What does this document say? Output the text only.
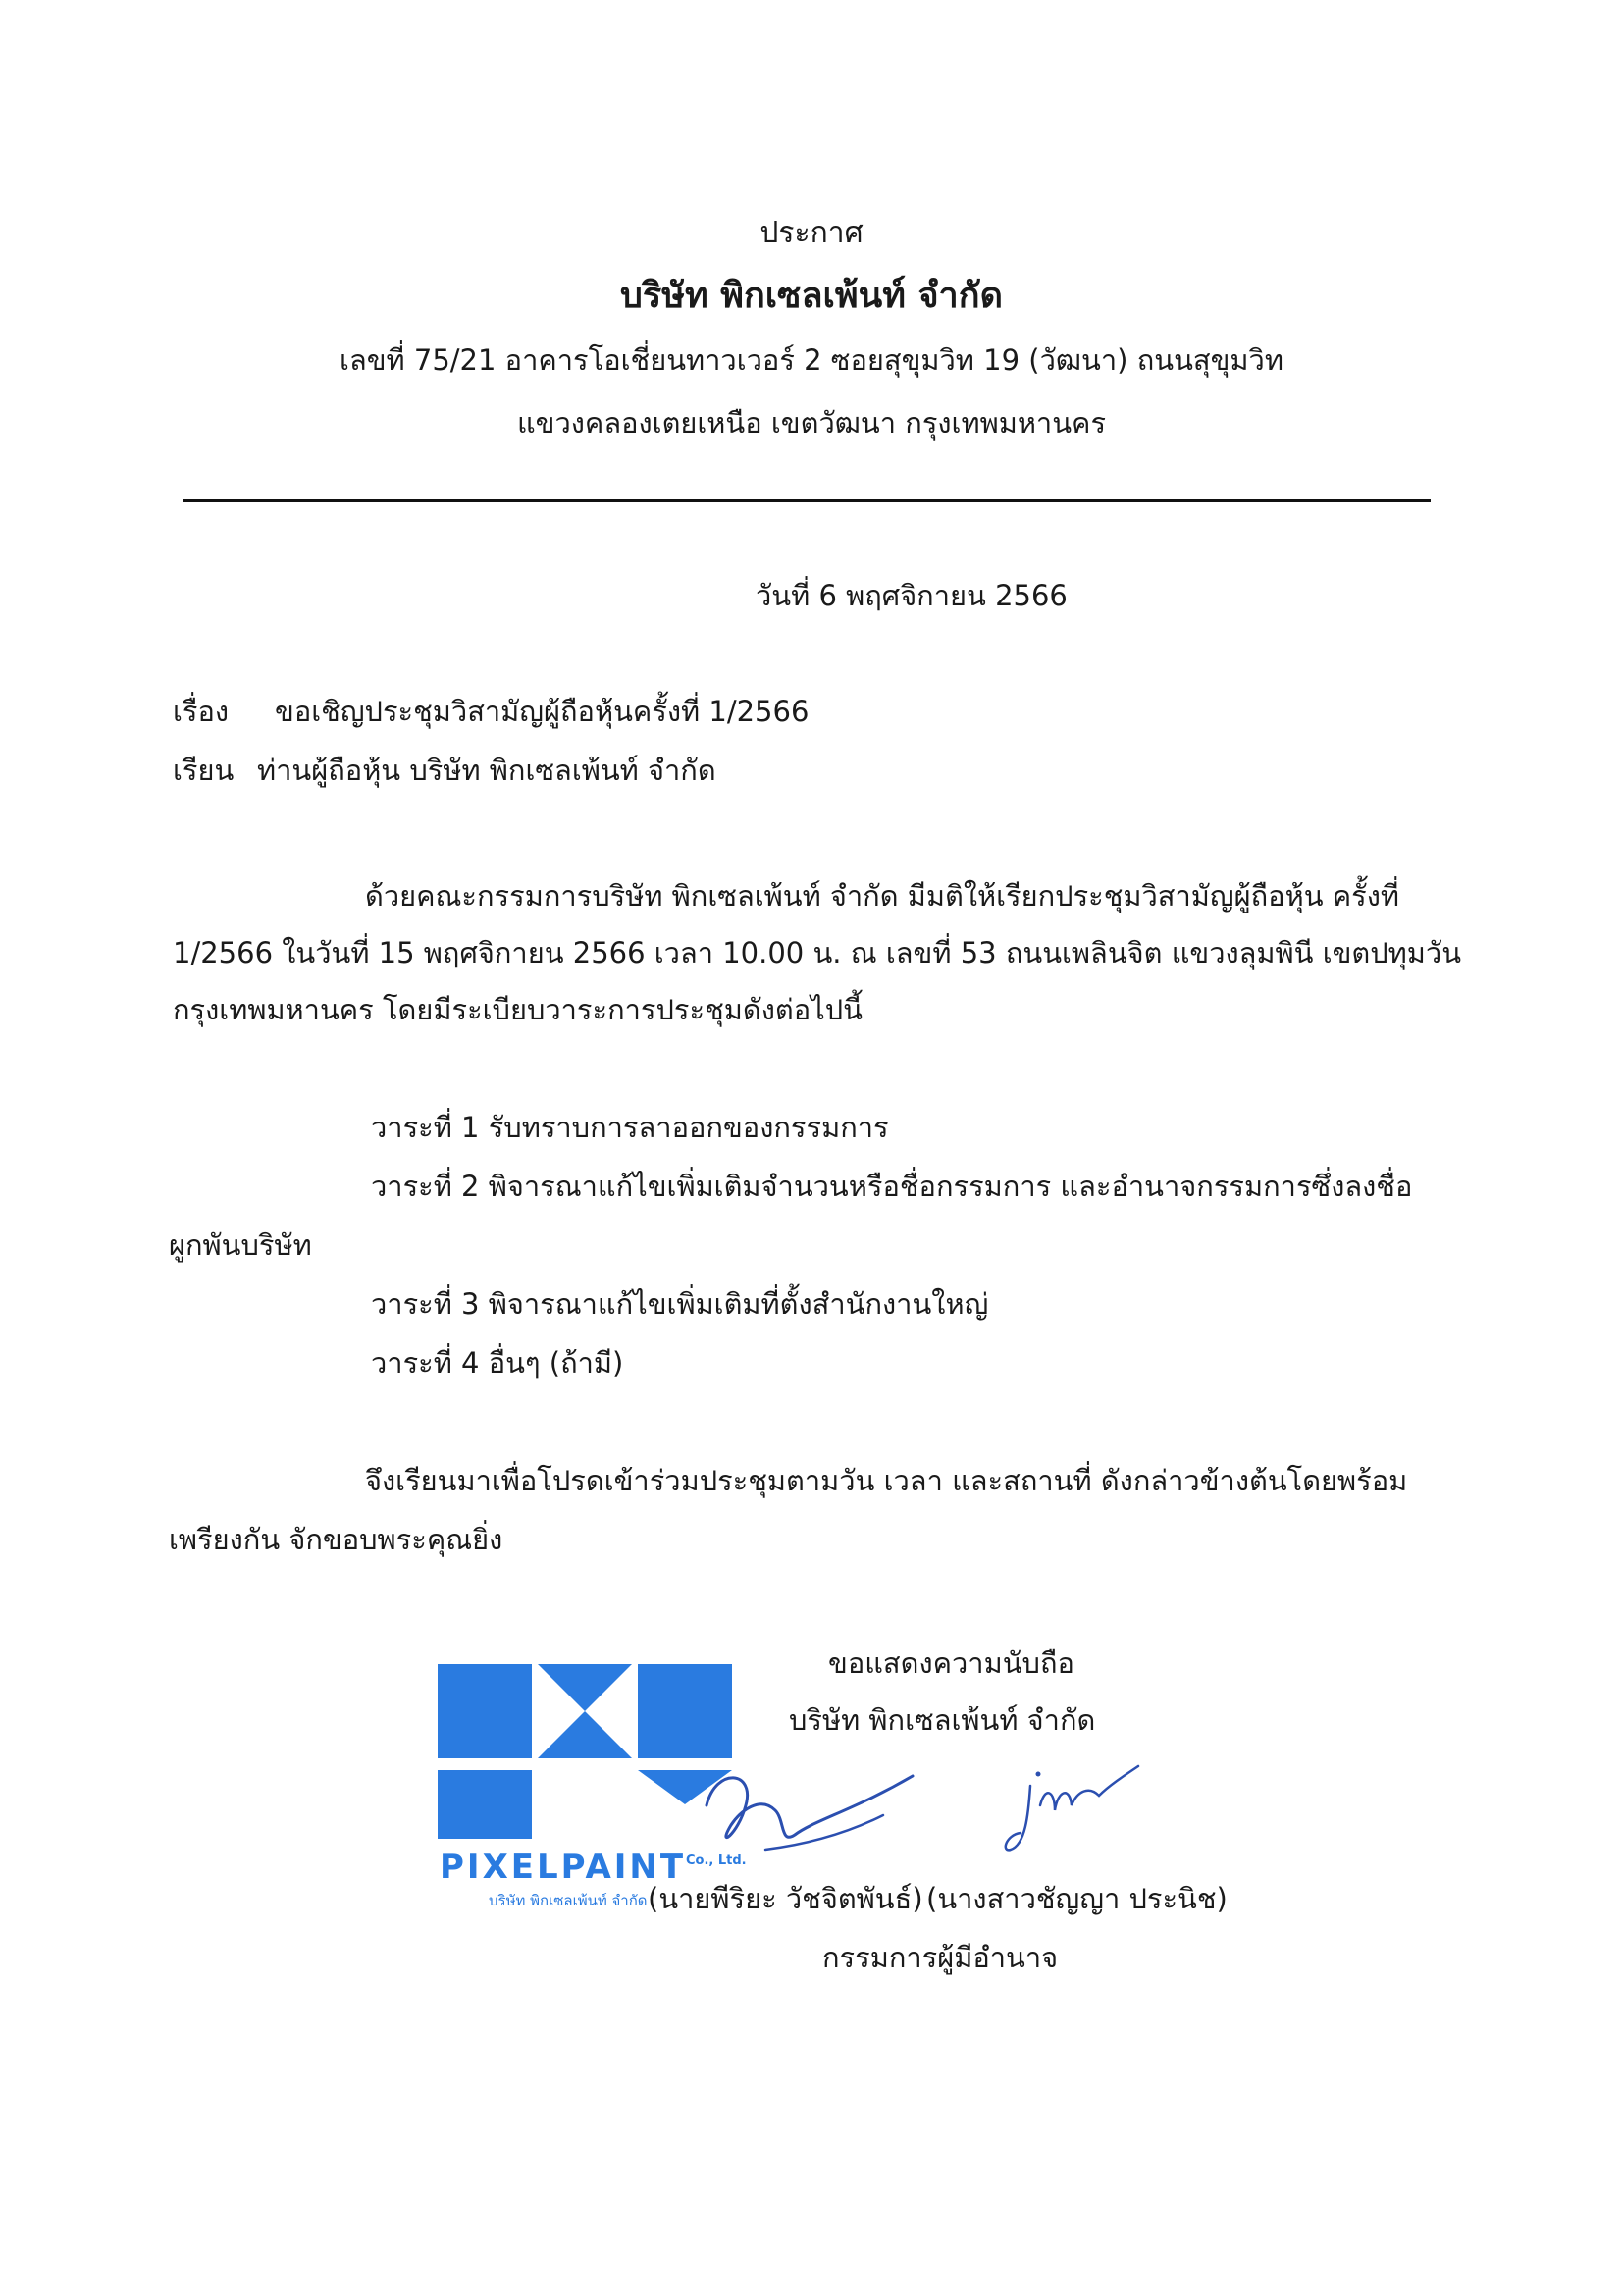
ประกาศ
บริษัท พิกเซลเพ้นท์ จำกัด
เลขที่ 75/21 อาคารโอเชี่ยนทาวเวอร์ 2 ซอยสุขุมวิท 19 (วัฒนา) ถนนสุขุมวิท
แขวงคลองเตยเหนือ เขตวัฒนา กรุงเทพมหานคร
วันที่ 6 พฤศจิกายน 2566
เรื่อง ขอเชิญประชุมวิสามัญผู้ถือหุ้นครั้งที่ 1/2566
เรียน ท่านผู้ถือหุ้น บริษัท พิกเซลเพ้นท์ จำกัด
ด้วยคณะกรรมการบริษัท พิกเซลเพ้นท์ จำกัด มีมติให้เรียกประชุมวิสามัญผู้ถือหุ้น ครั้งที่
1/2566 ในวันที่ 15 พฤศจิกายน 2566 เวลา 10.00 น. ณ เลขที่ 53 ถนนเพลินจิต แขวงลุมพินี เขตปทุมวัน
กรุงเทพมหานคร โดยมีระเบียบวาระการประชุมดังต่อไปนี้
วาระที่ 1 รับทราบการลาออกของกรรมการ
วาระที่ 2 พิจารณาแก้ไขเพิ่มเติมจำนวนหรือชื่อกรรมการ และอำนาจกรรมการซึ่งลงชื่อ
ผูกพันบริษัท
วาระที่ 3 พิจารณาแก้ไขเพิ่มเติมที่ตั้งสำนักงานใหญ่
วาระที่ 4 อื่นๆ (ถ้ามี)
จึงเรียนมาเพื่อโปรดเข้าร่วมประชุมตามวัน เวลา และสถานที่ ดังกล่าวข้างต้นโดยพร้อม
เพรียงกัน จักขอบพระคุณยิ่ง
PIXELPAINT Co., Ltd.
บริษัท พิกเซลเพ้นท์ จำกัด
ขอแสดงความนับถือ
บริษัท พิกเซลเพ้นท์ จำกัด
(นายพีริยะ วัชจิตพันธ์) (นางสาวชัญญา ประนิช)
กรรมการผู้มีอำนาจ
